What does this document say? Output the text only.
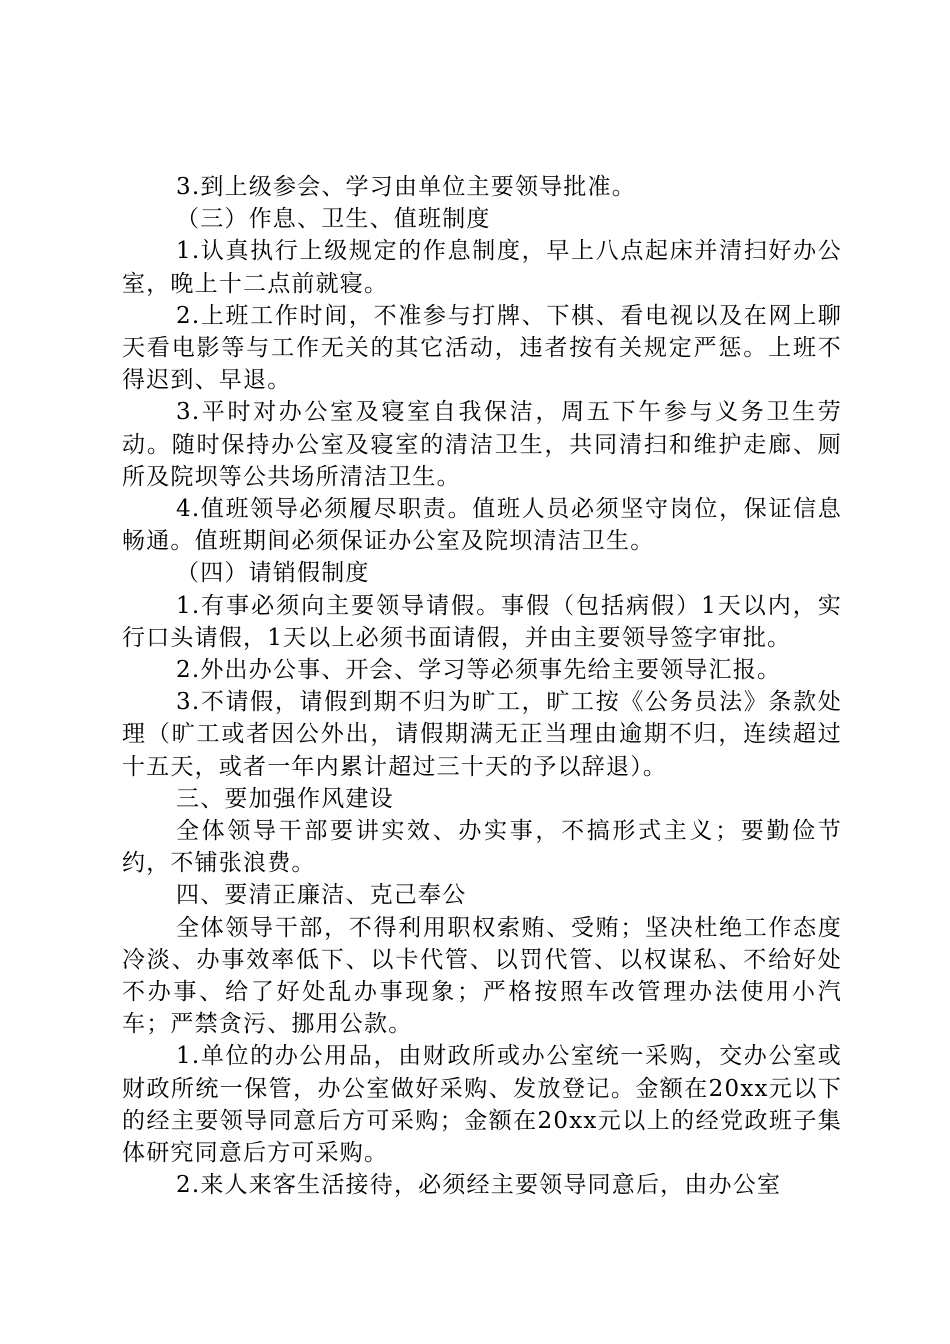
3.到上级参会、学习由单位主要领导批准。

（三）作息、卫生、值班制度

1.认真执行上级规定的作息制度，早上八点起床并清扫好办公室，晚上十二点前就寝。

2.上班工作时间，不准参与打牌、下棋、看电视以及在网上聊天看电影等与工作无关的其它活动，违者按有关规定严惩。上班不得迟到、早退。

3.平时对办公室及寝室自我保洁，周五下午参与义务卫生劳动。随时保持办公室及寝室的清洁卫生，共同清扫和维护走廊、厕所及院坝等公共场所清洁卫生。

4.值班领导必须履尽职责。值班人员必须坚守岗位，保证信息畅通。值班期间必须保证办公室及院坝清洁卫生。

（四）请销假制度

1.有事必须向主要领导请假。事假（包括病假）1天以内，实行口头请假，1天以上必须书面请假，并由主要领导签字审批。

2.外出办公事、开会、学习等必须事先给主要领导汇报。

3.不请假，请假到期不归为旷工，旷工按《公务员法》条款处理（旷工或者因公外出，请假期满无正当理由逾期不归，连续超过十五天，或者一年内累计超过三十天的予以辞退）。

三、要加强作风建设

全体领导干部要讲实效、办实事，不搞形式主义；要勤俭节约，不铺张浪费。

四、要清正廉洁、克己奉公

全体领导干部，不得利用职权索贿、受贿；坚决杜绝工作态度冷淡、办事效率低下、以卡代管、以罚代管、以权谋私、不给好处不办事、给了好处乱办事现象；严格按照车改管理办法使用小汽车；严禁贪污、挪用公款。

1.单位的办公用品，由财政所或办公室统一采购，交办公室或财政所统一保管，办公室做好采购、发放登记。金额在20xx元以下的经主要领导同意后方可采购；金额在20xx元以上的经党政班子集体研究同意后方可采购。

2.来人来客生活接待，必须经主要领导同意后，由办公室
